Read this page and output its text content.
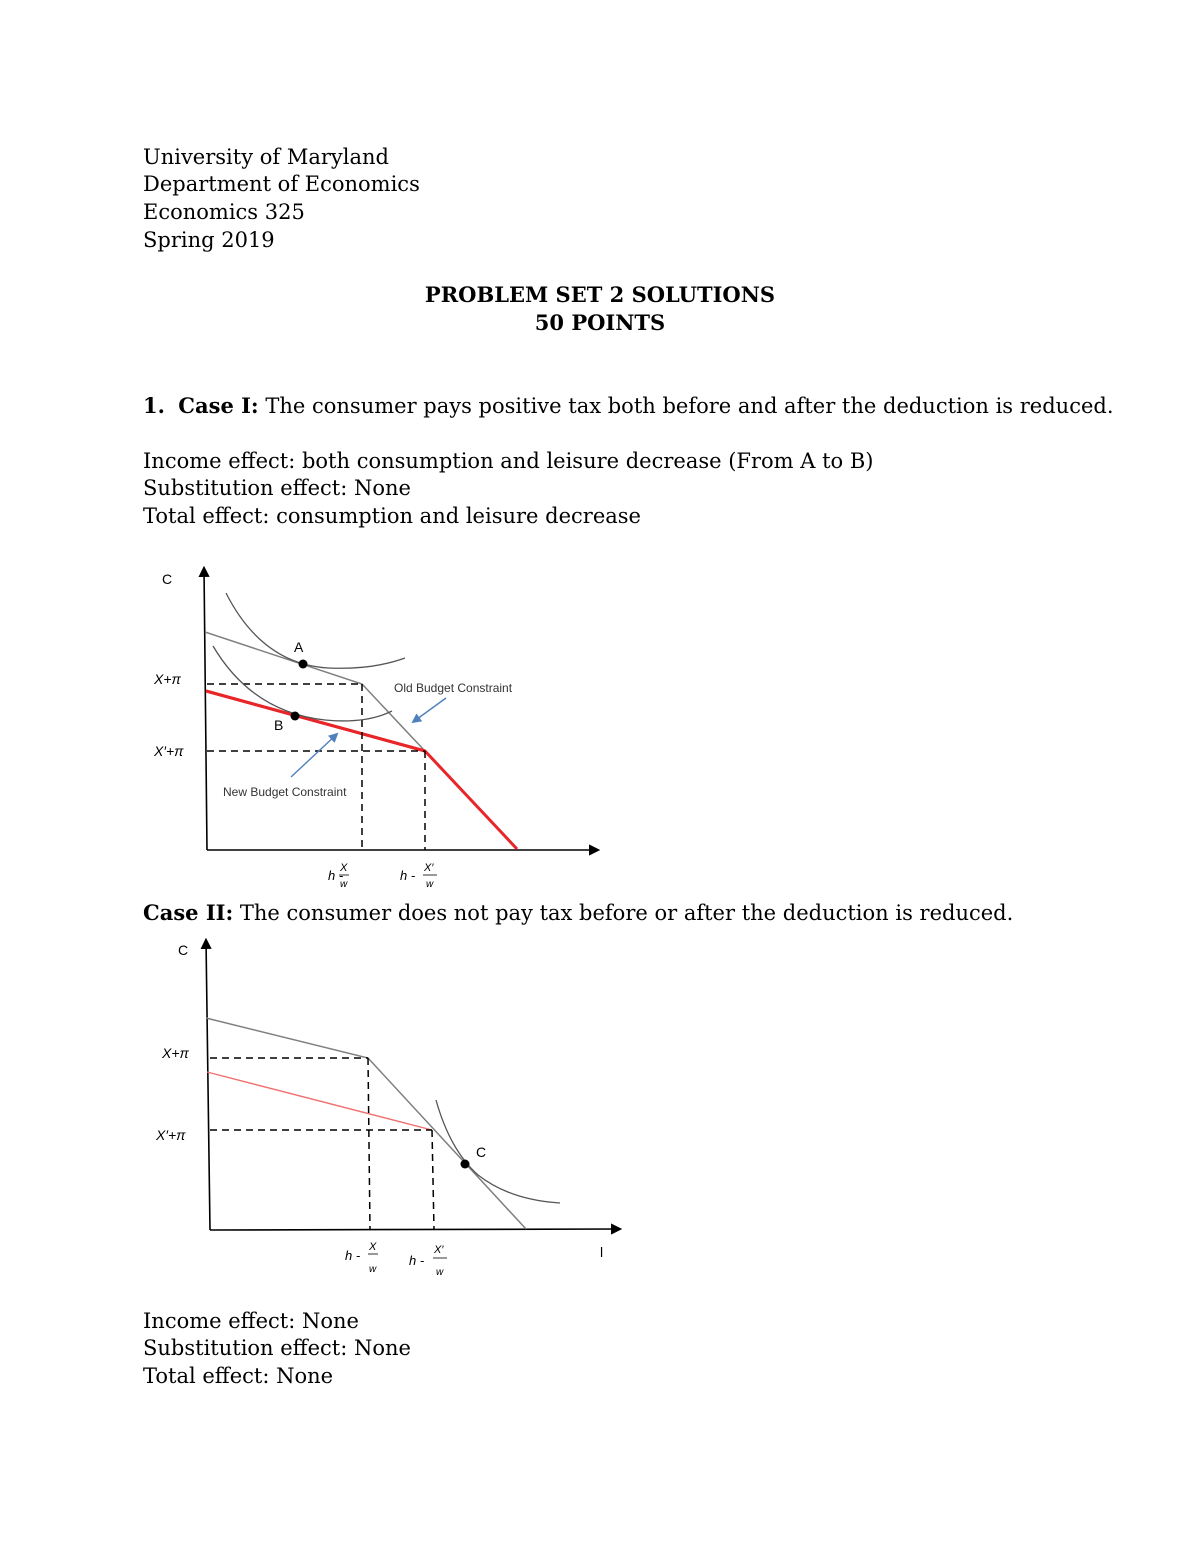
University of Maryland
Department of Economics
Economics 325
Spring 2019
PROBLEM SET 2 SOLUTIONS
50 POINTS
1. Case I: The consumer pays positive tax both before and after the deduction is reduced.
Income effect: both consumption and leisure decrease (From A to B)
Substitution effect: None
Total effect: consumption and leisure decrease
C
A
B
X+π
X′+π
Old Budget Constraint
New Budget Constraint
h -
X
w
h - X′
w
Case II: The consumer does not pay tax before or after the deduction is reduced.
C
l
C
X+π
X′+π
h -
X
w
h -
X′
w
Income effect: None
Substitution effect: None
Total effect: None
